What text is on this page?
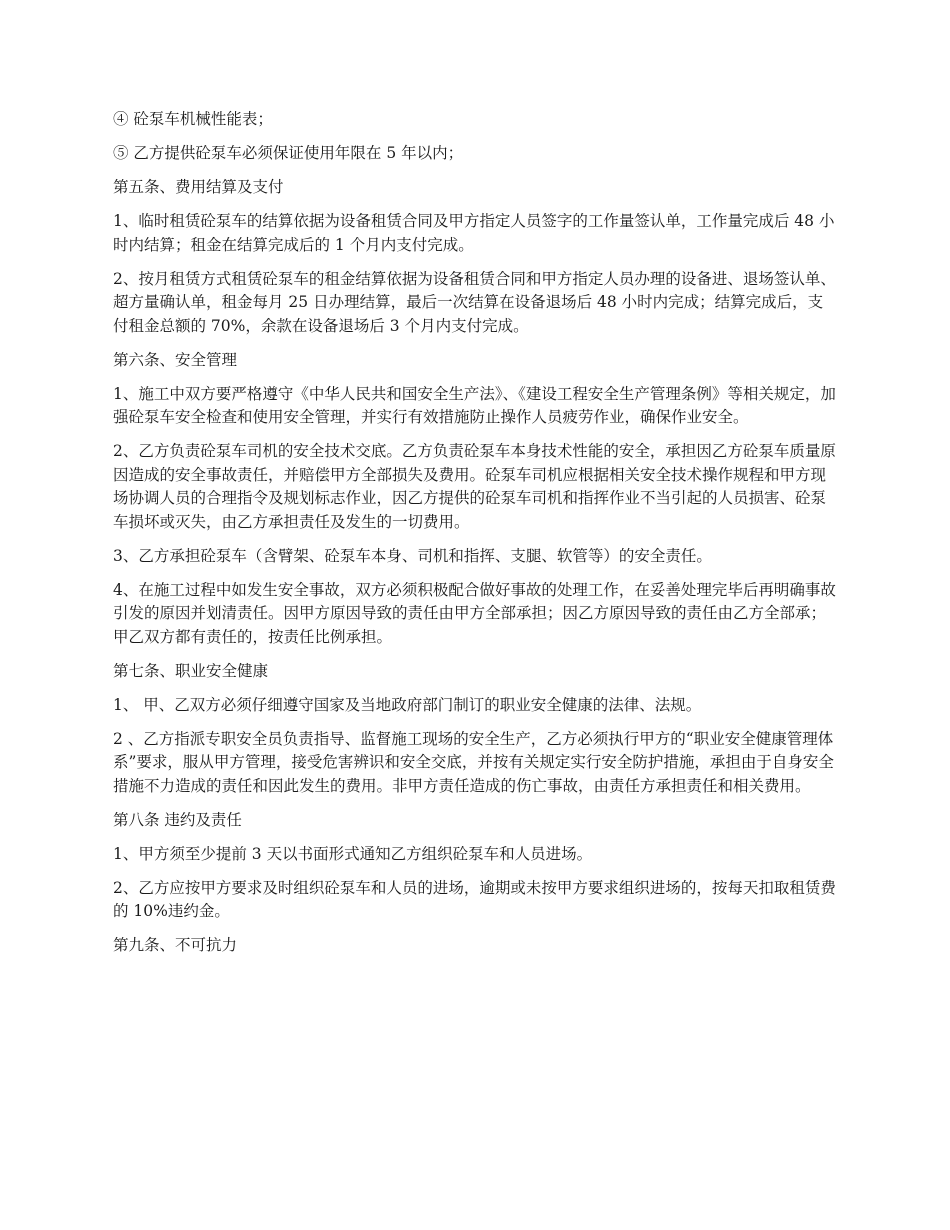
④ 砼泵车机械性能表；

⑤ 乙方提供砼泵车必须保证使用年限在 5 年以内；

第五条、费用结算及支付

1、临时租赁砼泵车的结算依据为设备租赁合同及甲方指定人员签字的工作量签认单，工作量完成后 48 小时内结算；租金在结算完成后的 1 个月内支付完成。

2、按月租赁方式租赁砼泵车的租金结算依据为设备租赁合同和甲方指定人员办理的设备进、退场签认单、超方量确认单，租金每月 25 日办理结算，最后一次结算在设备退场后 48 小时内完成；结算完成后，支付租金总额的 70%，余款在设备退场后 3 个月内支付完成。

第六条、安全管理

1、施工中双方要严格遵守《中华人民共和国安全生产法》、《建设工程安全生产管理条例》等相关规定，加强砼泵车安全检查和使用安全管理，并实行有效措施防止操作人员疲劳作业，确保作业安全。

2、乙方负责砼泵车司机的安全技术交底。乙方负责砼泵车本身技术性能的安全，承担因乙方砼泵车质量原因造成的安全事故责任，并赔偿甲方全部损失及费用。砼泵车司机应根据相关安全技术操作规程和甲方现场协调人员的合理指令及规划标志作业，因乙方提供的砼泵车司机和指挥作业不当引起的人员损害、砼泵车损坏或灭失，由乙方承担责任及发生的一切费用。

3、乙方承担砼泵车（含臂架、砼泵车本身、司机和指挥、支腿、软管等）的安全责任。

4、在施工过程中如发生安全事故，双方必须积极配合做好事故的处理工作，在妥善处理完毕后再明确事故引发的原因并划清责任。因甲方原因导致的责任由甲方全部承担；因乙方原因导致的责任由乙方全部承；甲乙双方都有责任的，按责任比例承担。

第七条、职业安全健康

1、 甲、乙双方必须仔细遵守国家及当地政府部门制订的职业安全健康的法律、法规。

2 、乙方指派专职安全员负责指导、监督施工现场的安全生产，乙方必须执行甲方的“职业安全健康管理体系”要求，服从甲方管理，接受危害辨识和安全交底，并按有关规定实行安全防护措施，承担由于自身安全措施不力造成的责任和因此发生的费用。非甲方责任造成的伤亡事故，由责任方承担责任和相关费用。

第八条 违约及责任

1、甲方须至少提前 3 天以书面形式通知乙方组织砼泵车和人员进场。

2、乙方应按甲方要求及时组织砼泵车和人员的进场，逾期或未按甲方要求组织进场的，按每天扣取租赁费的 10%违约金。

第九条、不可抗力
